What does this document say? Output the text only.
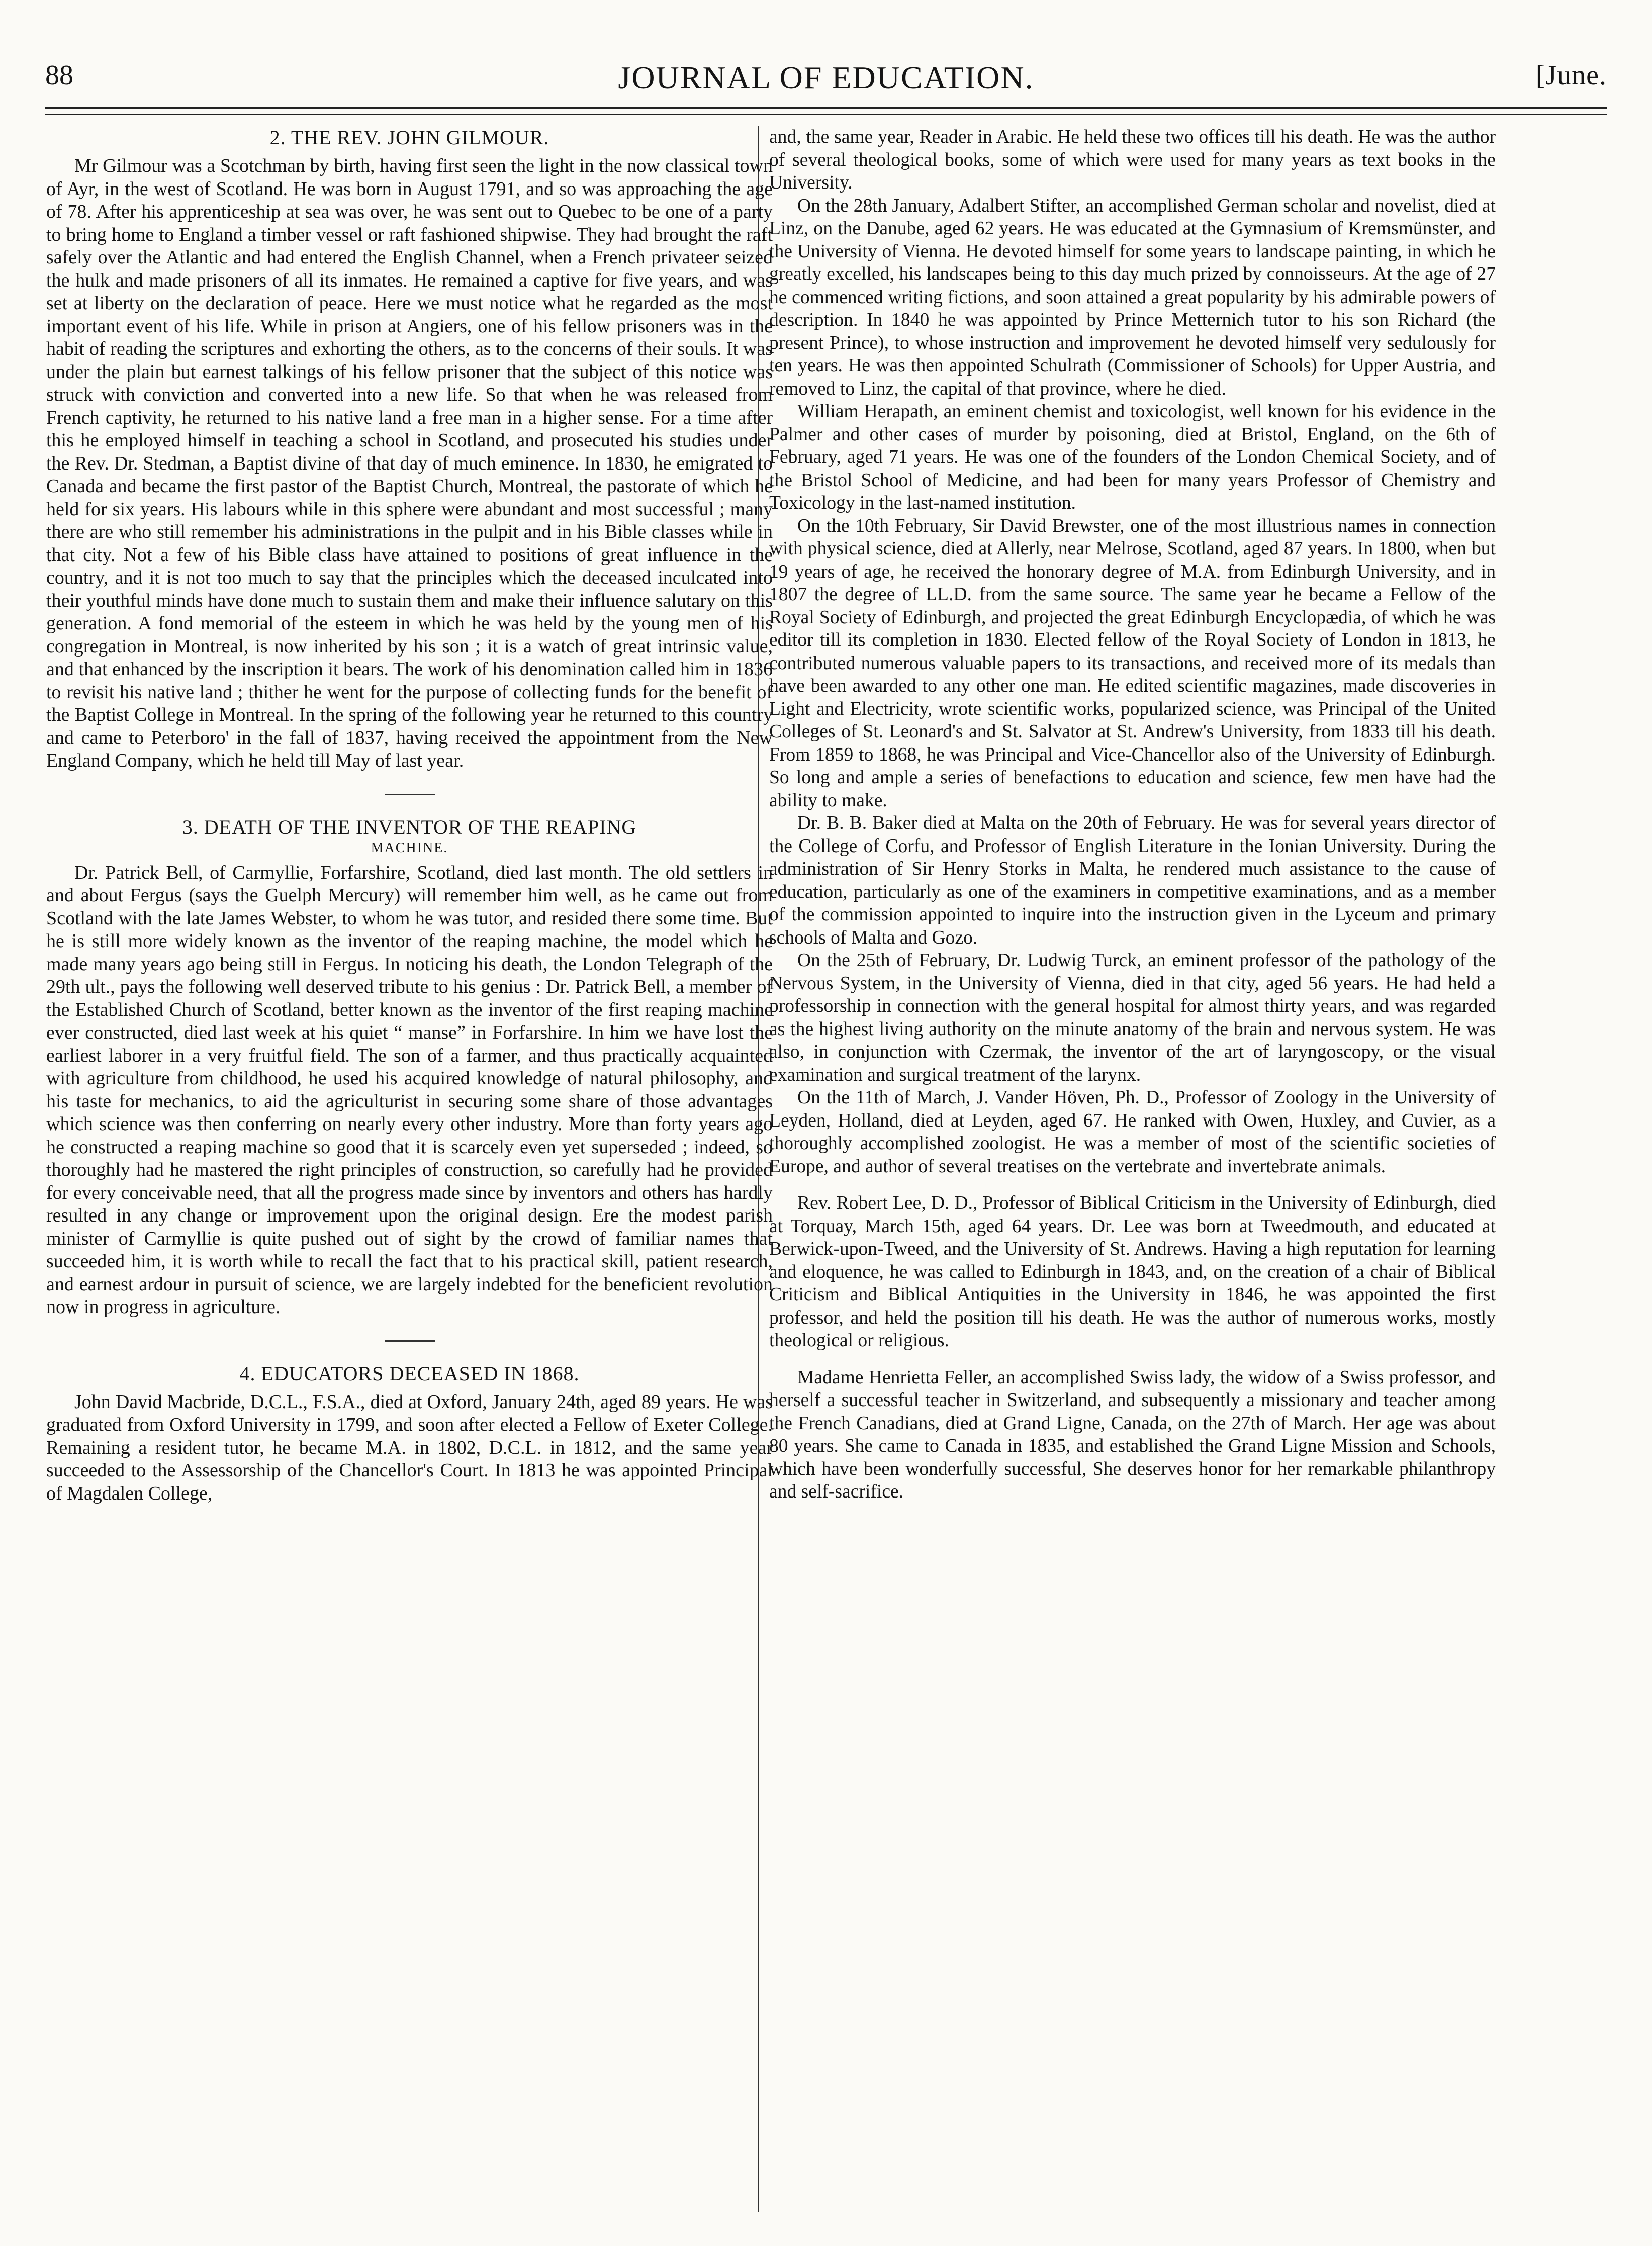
88	JOURNAL OF EDUCATION.	[June.
2. THE REV. JOHN GILMOUR.

Mr Gilmour was a Scotchman by birth, having first seen the light in the now classical town of Ayr, in the west of Scotland. He was born in August 1791, and so was approaching the age of 78. After his apprenticeship at sea was over, he was sent out to Quebec to be one of a party to bring home to England a timber vessel or raft fashioned shipwise. They had brought the raft safely over the Atlantic and had entered the English Channel, when a French privateer seized the hulk and made prisoners of all its inmates. He remained a captive for five years, and was set at liberty on the declaration of peace. Here we must notice what he regarded as the most important event of his life. While in prison at Angiers, one of his fellow prisoners was in the habit of reading the scriptures and exhorting the others, as to the concerns of their souls. It was under the plain but earnest talkings of his fellow prisoner that the subject of this notice was struck with conviction and converted into a new life. So that when he was released from French captivity, he returned to his native land a free man in a higher sense. For a time after this he employed himself in teaching a school in Scotland, and prosecuted his studies under the Rev. Dr. Stedman, a Baptist divine of that day of much eminence. In 1830, he emigrated to Canada and became the first pastor of the Baptist Church, Montreal, the pastorate of which he held for six years. His labours while in this sphere were abundant and most successful ; many there are who still remember his administrations in the pulpit and in his Bible classes while in that city. Not a few of his Bible class have attained to positions of great influence in the country, and it is not too much to say that the principles which the deceased inculcated into their youthful minds have done much to sustain them and make their influence salutary on this generation. A fond memorial of the esteem in which he was held by the young men of his congregation in Montreal, is now inherited by his son ; it is a watch of great intrinsic value, and that enhanced by the inscription it bears. The work of his denomination called him in 1836 to revisit his native land ; thither he went for the purpose of collecting funds for the benefit of the Baptist College in Montreal. In the spring of the following year he returned to this country and came to Peterboro' in the fall of 1837, having received the appointment from the New England Company, which he held till May of last year.

3. DEATH OF THE INVENTOR OF THE REAPING
MACHINE.

Dr. Patrick Bell, of Carmyllie, Forfarshire, Scotland, died last month. The old settlers in and about Fergus (says the Guelph Mercury) will remember him well, as he came out from Scotland with the late James Webster, to whom he was tutor, and resided there some time. But he is still more widely known as the inventor of the reaping machine, the model which he made many years ago being still in Fergus. In noticing his death, the London Telegraph of the 29th ult., pays the following well deserved tribute to his genius : Dr. Patrick Bell, a member of the Established Church of Scotland, better known as the inventor of the first reaping machine ever constructed, died last week at his quiet “ manse” in Forfarshire. In him we have lost the earliest laborer in a very fruitful field. The son of a farmer, and thus practically acquainted with agriculture from childhood, he used his acquired knowledge of natural philosophy, and his taste for mechanics, to aid the agriculturist in securing some share of those advantages which science was then conferring on nearly every other industry. More than forty years ago he constructed a reaping machine so good that it is scarcely even yet superseded ; indeed, so thoroughly had he mastered the right principles of construction, so carefully had he provided for every conceivable need, that all the progress made since by inventors and others has hardly resulted in any change or improvement upon the original design. Ere the modest parish minister of Carmyllie is quite pushed out of sight by the crowd of familiar names that succeeded him, it is worth while to recall the fact that to his practical skill, patient research, and earnest ardour in pursuit of science, we are largely indebted for the beneficient revolution now in progress in agriculture.

4. EDUCATORS DECEASED IN 1868.

John David Macbride, D.C.L., F.S.A., died at Oxford, January 24th, aged 89 years. He was graduated from Oxford University in 1799, and soon after elected a Fellow of Exeter College. Remaining a resident tutor, he became M.A. in 1802, D.C.L. in 1812, and the same year succeeded to the Assessorship of the Chancellor's Court. In 1813 he was appointed Principal of Magdalen College,

and, the same year, Reader in Arabic. He held these two offices till his death. He was the author of several theological books, some of which were used for many years as text books in the University.

On the 28th January, Adalbert Stifter, an accomplished German scholar and novelist, died at Linz, on the Danube, aged 62 years. He was educated at the Gymnasium of Kremsmünster, and the University of Vienna. He devoted himself for some years to landscape painting, in which he greatly excelled, his landscapes being to this day much prized by connoisseurs. At the age of 27 he commenced writing fictions, and soon attained a great popularity by his admirable powers of description. In 1840 he was appointed by Prince Metternich tutor to his son Richard (the present Prince), to whose instruction and improvement he devoted himself very sedulously for ten years. He was then appointed Schulrath (Commissioner of Schools) for Upper Austria, and removed to Linz, the capital of that province, where he died.

William Herapath, an eminent chemist and toxicologist, well known for his evidence in the Palmer and other cases of murder by poisoning, died at Bristol, England, on the 6th of February, aged 71 years. He was one of the founders of the London Chemical Society, and of the Bristol School of Medicine, and had been for many years Professor of Chemistry and Toxicology in the last-named institution.

On the 10th February, Sir David Brewster, one of the most illustrious names in connection with physical science, died at Allerly, near Melrose, Scotland, aged 87 years. In 1800, when but 19 years of age, he received the honorary degree of M.A. from Edinburgh University, and in 1807 the degree of LL.D. from the same source. The same year he became a Fellow of the Royal Society of Edinburgh, and projected the great Edinburgh Encyclopædia, of which he was editor till its completion in 1830. Elected fellow of the Royal Society of London in 1813, he contributed numerous valuable papers to its transactions, and received more of its medals than have been awarded to any other one man. He edited scientific magazines, made discoveries in Light and Electricity, wrote scientific works, popularized science, was Principal of the United Colleges of St. Leonard's and St. Salvator at St. Andrew's University, from 1833 till his death. From 1859 to 1868, he was Principal and Vice-Chancellor also of the University of Edinburgh. So long and ample a series of benefactions to education and science, few men have had the ability to make.

Dr. B. B. Baker died at Malta on the 20th of February. He was for several years director of the College of Corfu, and Professor of English Literature in the Ionian University. During the administration of Sir Henry Storks in Malta, he rendered much assistance to the cause of education, particularly as one of the examiners in competitive examinations, and as a member of the commission appointed to inquire into the instruction given in the Lyceum and primary schools of Malta and Gozo.

On the 25th of February, Dr. Ludwig Turck, an eminent professor of the pathology of the Nervous System, in the University of Vienna, died in that city, aged 56 years. He had held a professorship in connection with the general hospital for almost thirty years, and was regarded as the highest living authority on the minute anatomy of the brain and nervous system. He was also, in conjunction with Czermak, the inventor of the art of laryngoscopy, or the visual examination and surgical treatment of the larynx.

On the 11th of March, J. Vander Höven, Ph. D., Professor of Zoology in the University of Leyden, Holland, died at Leyden, aged 67. He ranked with Owen, Huxley, and Cuvier, as a thoroughly accomplished zoologist. He was a member of most of the scientific societies of Europe, and author of several treatises on the vertebrate and invertebrate animals.

Rev. Robert Lee, D. D., Professor of Biblical Criticism in the University of Edinburgh, died at Torquay, March 15th, aged 64 years. Dr. Lee was born at Tweedmouth, and educated at Berwick-upon-Tweed, and the University of St. Andrews. Having a high reputation for learning and eloquence, he was called to Edinburgh in 1843, and, on the creation of a chair of Biblical Criticism and Biblical Antiquities in the University in 1846, he was appointed the first professor, and held the position till his death. He was the author of numerous works, mostly theological or religious.

Madame Henrietta Feller, an accomplished Swiss lady, the widow of a Swiss professor, and herself a successful teacher in Switzerland, and subsequently a missionary and teacher among the French Canadians, died at Grand Ligne, Canada, on the 27th of March. Her age was about 80 years. She came to Canada in 1835, and established the Grand Ligne Mission and Schools, which have been wonderfully successful, She deserves honor for her remarkable philanthropy and self-sacrifice.
